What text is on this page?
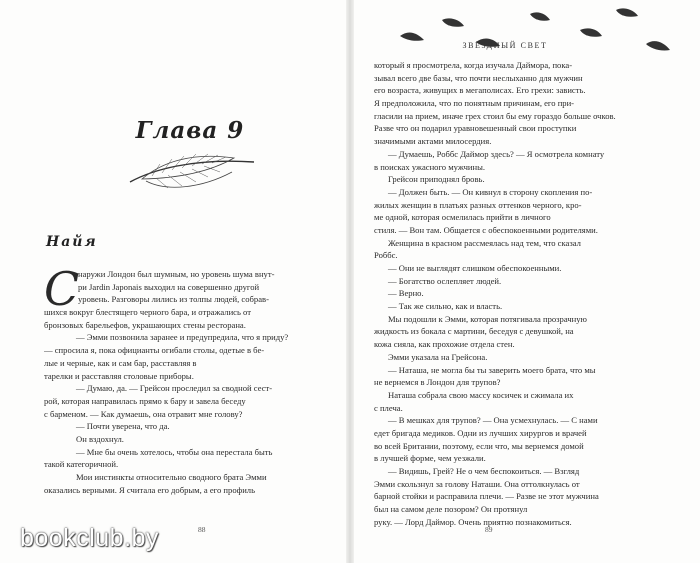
Глава 9
Найя
С
наружи Лондон был шумным, но уровень шума внут-
ри Jardin Japonais выходил на совершенно другой
уровень. Разговоры лились из толпы людей, собрав-
шихся вокруг блестящего черного бара, и отражались от
бронзовых барельефов, украшающих стены ресторана.
— Эмми позвонила заранее и предупредила, что я приду?
— спросила я, пока официанты огибали столы, одетые в бе-
лые и черные, как и сам бар, расставляя в
тарелки и расставляя столовые приборы.
— Думаю, да. — Грейсон проследил за сводной сест-
рой, которая направилась прямо к бару и завела беседу
с барменом. — Как думаешь, она отравит мне голову?
— Почти уверена, что да.
Он вздохнул.
— Мне бы очень хотелось, чтобы она перестала быть
такой категоричной.
Мои инстинкты относительно сводного брата Эмми
оказались верными. Я считала его добрым, а его профиль
88
ЗВЁЗДНЫЙ СВЕТ
который я просмотрела, когда изучала Даймора, пока-
зывал всего две базы, что почти неслыханно для мужчин
его возраста, живущих в мегаполисах. Его грехи: зависть.
Я предположила, что по понятным причинам, его при-
гласили на прием, иначе грех стоил бы ему гораздо больше очков.
Разве что он подарил уравновешенный свои проступки
значимыми актами милосердия.
— Думаешь, Роббс Даймор здесь? — Я осмотрела комнату
в поисках ужасного мужчины.
Грейсон приподнял бровь.
— Должен быть. — Он кивнул в сторону скопления по-
жилых женщин в платьях разных оттенков черного, кро-
ме одной, которая осмелилась прийти в личного
стиля. — Вон там. Общается с обеспокоенными родителями.
Женщина в красном рассмеялась над тем, что сказал
Роббс.
— Они не выглядят слишком обеспокоенными.
— Богатство ослепляет людей.
— Верно.
— Так же сильно, как и власть.
Мы подошли к Эмми, которая потягивала прозрачную
жидкость из бокала с мартини, беседуя с девушкой, на
кожа сияла, как прохожие отдела стен.
Эмми указала на Грейсона.
— Наташа, не могла бы ты заверить моего брата, что мы
не вернемся в Лондон для трупов?
Наташа собрала свою массу косичек и сжимала их
с плеча.
— В мешках для трупов? — Она усмехнулась. — С нами
едет бригада медиков. Одни из лучших хирургов и врачей
во всей Британии, поэтому, если что, мы вернемся домой
в лучшей форме, чем уезжали.
— Видишь, Грей? Не о чем беспокоиться. — Взгляд
Эмми скользнул за голову Наташи. Она оттолкнулась от
барной стойки и расправила плечи. — Разве не этот мужчина
был на самом деле позором? Он протянул
руку. — Лорд Даймор. Очень приятно познакомиться.
89
bookclub.by
